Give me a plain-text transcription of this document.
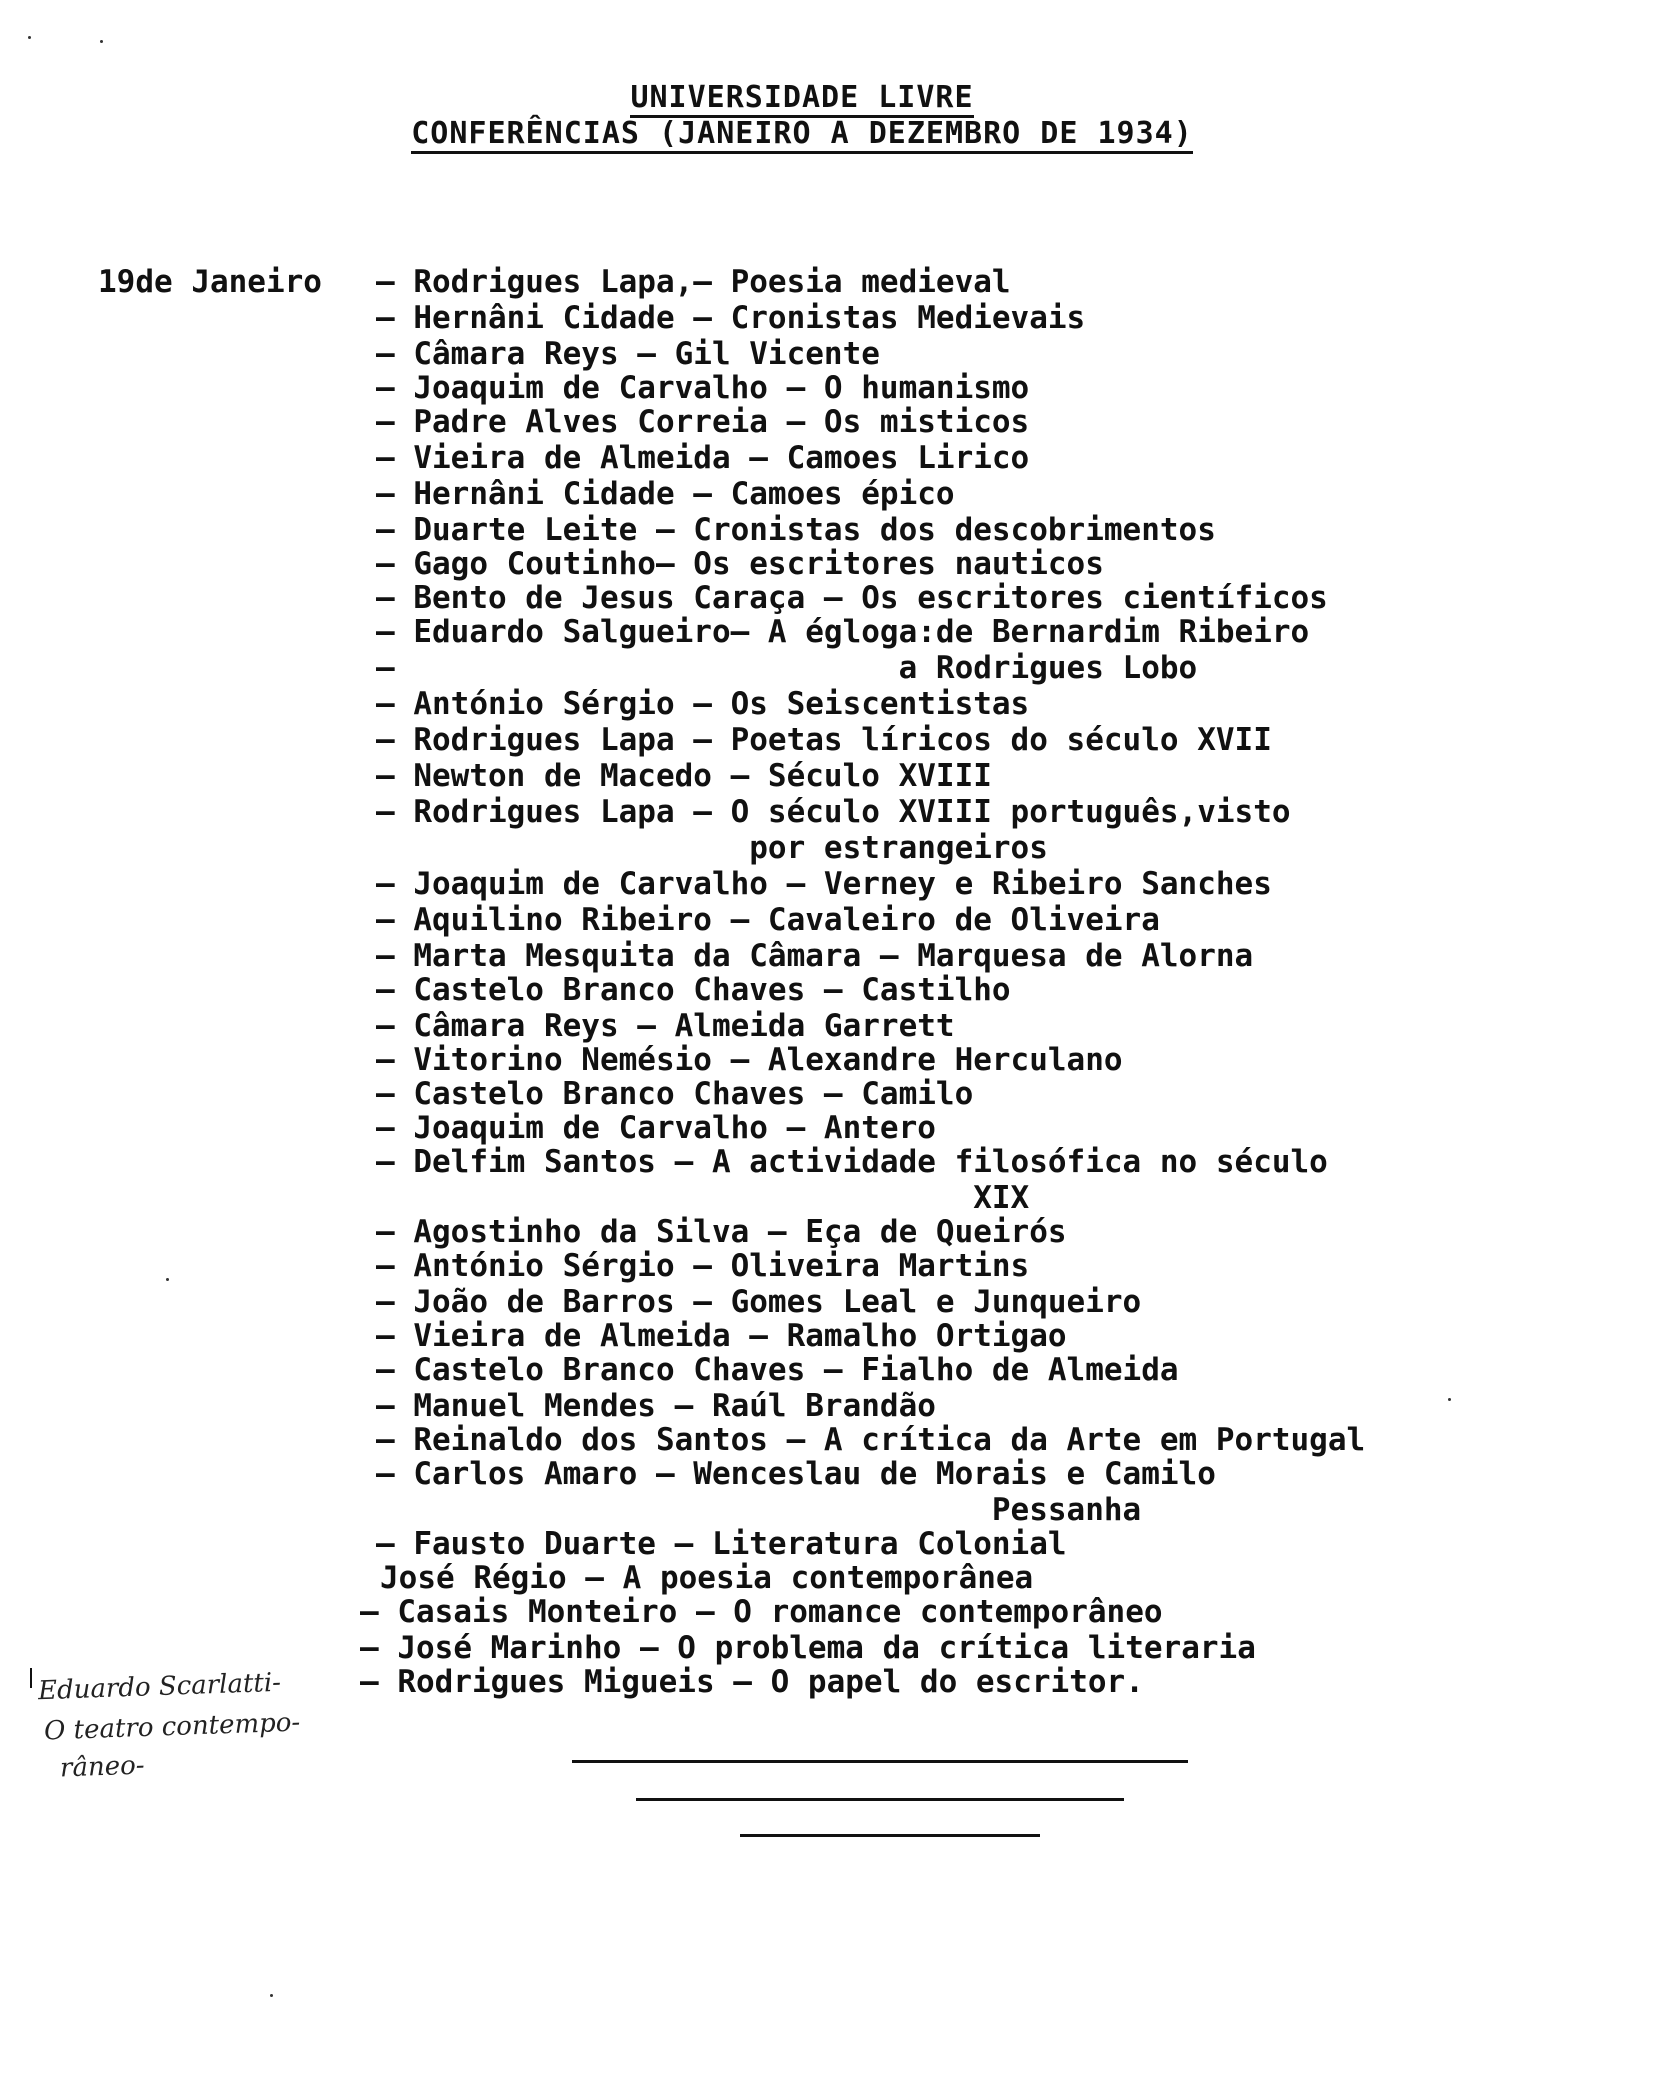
UNIVERSIDADE LIVRE
CONFERÊNCIAS (JANEIRO A DEZEMBRO DE 1934)
19de Janeiro – Rodrigues Lapa,– Poesia medieval
– Hernâni Cidade – Cronistas Medievais
– Câmara Reys – Gil Vicente
– Joaquim de Carvalho – O humanismo
– Padre Alves Correia – Os misticos
– Vieira de Almeida – Camoes Lirico
– Hernâni Cidade – Camoes épico
– Duarte Leite – Cronistas dos descobrimentos
– Gago Coutinho– Os escritores nauticos
– Bento de Jesus Caraça – Os escritores científicos
– Eduardo Salgueiro– A égloga:de Bernardim Ribeiro
–                           a Rodrigues Lobo
– António Sérgio – Os Seiscentistas
– Rodrigues Lapa – Poetas líricos do século XVII
– Newton de Macedo – Século XVIII
– Rodrigues Lapa – O século XVIII português,visto
por estrangeiros
– Joaquim de Carvalho – Verney e Ribeiro Sanches
– Aquilino Ribeiro – Cavaleiro de Oliveira
– Marta Mesquita da Câmara – Marquesa de Alorna
– Castelo Branco Chaves – Castilho
– Câmara Reys – Almeida Garrett
– Vitorino Nemésio – Alexandre Herculano
– Castelo Branco Chaves – Camilo
– Joaquim de Carvalho – Antero
– Delfim Santos – A actividade filosófica no século
XIX
– Agostinho da Silva – Eça de Queirós
– António Sérgio – Oliveira Martins
– João de Barros – Gomes Leal e Junqueiro
– Vieira de Almeida – Ramalho Ortigao
– Castelo Branco Chaves – Fialho de Almeida
– Manuel Mendes – Raúl Brandão
– Reinaldo dos Santos – A crítica da Arte em Portugal
– Carlos Amaro – Wenceslau de Morais e Camilo
Pessanha
– Fausto Duarte – Literatura Colonial
José Régio – A poesia contemporânea
– Casais Monteiro – O romance contemporâneo
– José Marinho – O problema da crítica literaria
– Rodrigues Migueis – O papel do escritor.
Eduardo Scarlatti-
O teatro contempo-
râneo-
